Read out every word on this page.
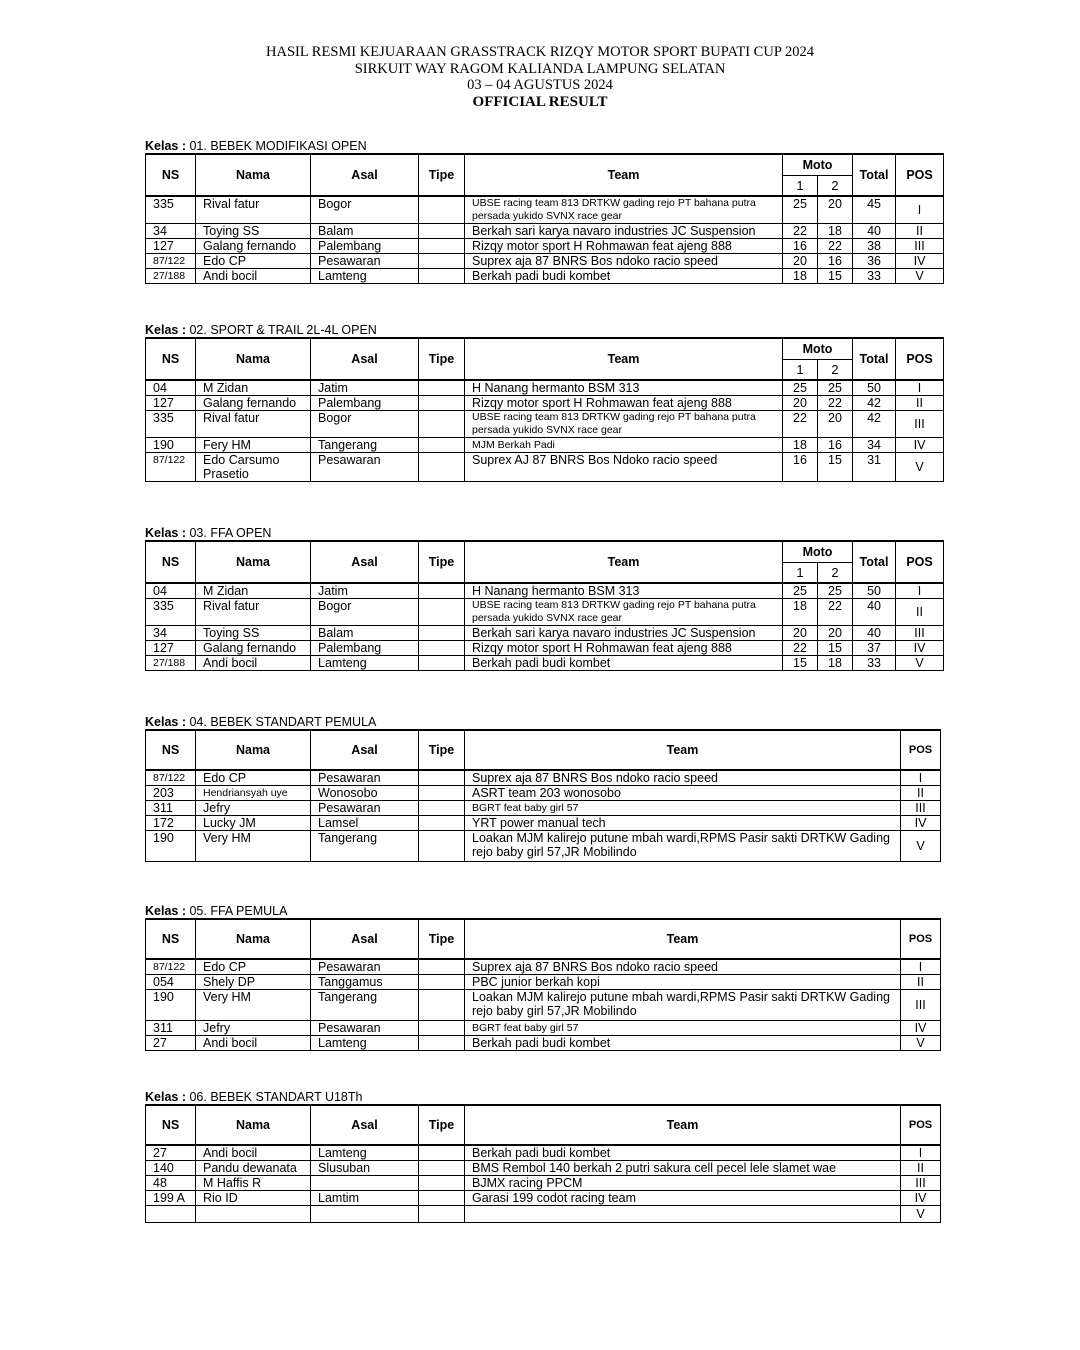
HASIL RESMI KEJUARAAN GRASSTRACK RIZQY MOTOR SPORT BUPATI CUP 2024
SIRKUIT WAY RAGOM KALIANDA LAMPUNG SELATAN
03 – 04 AGUSTUS 2024
OFFICIAL RESULT
Kelas : 01. BEBEK MODIFIKASI OPEN
NS	Nama	Asal	Tipe	Team	Moto		Total	POS
					1	2		
335	Rival fatur	Bogor		UBSE racing team 813 DRTKW gading rejo PT bahana putra persada yukido SVNX race gear	25	20	45	I
34	Toying SS	Balam		Berkah sari karya navaro industries JC Suspension	22	18	40	II
127	Galang fernando	Palembang		Rizqy motor sport H Rohmawan feat ajeng 888	16	22	38	III
87/122	Edo CP	Pesawaran		Suprex aja 87 BNRS Bos ndoko racio speed	20	16	36	IV
27/188	Andi bocil	Lamteng		Berkah padi budi kombet	18	15	33	V
Kelas : 02. SPORT & TRAIL 2L-4L OPEN
NS	Nama	Asal	Tipe	Team	Moto		Total	POS
					1	2		
04	M Zidan	Jatim		H Nanang hermanto BSM 313	25	25	50	I
127	Galang fernando	Palembang		Rizqy motor sport H Rohmawan feat ajeng 888	20	22	42	II
335	Rival fatur	Bogor		UBSE racing team 813 DRTKW gading rejo PT bahana putra persada yukido SVNX race gear	22	20	42	III
190	Fery HM	Tangerang		MJM Berkah Padi	18	16	34	IV
87/122	Edo Carsumo Prasetio	Pesawaran		Suprex AJ 87 BNRS Bos Ndoko racio speed	16	15	31	V
Kelas : 03. FFA OPEN
NS	Nama	Asal	Tipe	Team	Moto		Total	POS
					1	2		
04	M Zidan	Jatim		H Nanang hermanto BSM 313	25	25	50	I
335	Rival fatur	Bogor		UBSE racing team 813 DRTKW gading rejo PT bahana putra persada yukido SVNX race gear	18	22	40	II
34	Toying SS	Balam		Berkah sari karya navaro industries JC Suspension	20	20	40	III
127	Galang fernando	Palembang		Rizqy motor sport H Rohmawan feat ajeng 888	22	15	37	IV
27/188	Andi bocil	Lamteng		Berkah padi budi kombet	15	18	33	V
Kelas : 04. BEBEK STANDART PEMULA
NS	Nama	Asal	Tipe	Team	POS
87/122	Edo CP	Pesawaran		Suprex aja 87 BNRS Bos ndoko racio speed	I
203	Hendriansyah uye	Wonosobo		ASRT team 203 wonosobo	II
311	Jefry	Pesawaran		BGRT feat baby girl 57	III
172	Lucky JM	Lamsel		YRT power manual tech	IV
190	Very HM	Tangerang		Loakan MJM kalirejo putune mbah wardi,RPMS Pasir sakti DRTKW Gading rejo baby girl 57,JR Mobilindo	V
Kelas : 05. FFA PEMULA
NS	Nama	Asal	Tipe	Team	POS
87/122	Edo CP	Pesawaran		Suprex aja 87 BNRS Bos ndoko racio speed	I
054	Shely DP	Tanggamus		PBC junior berkah kopi	II
190	Very HM	Tangerang		Loakan MJM kalirejo putune mbah wardi,RPMS Pasir sakti DRTKW Gading rejo baby girl 57,JR Mobilindo	III
311	Jefry	Pesawaran		BGRT feat baby girl 57	IV
27	Andi bocil	Lamteng		Berkah padi budi kombet	V
Kelas : 06. BEBEK STANDART U18Th
NS	Nama	Asal	Tipe	Team	POS
27	Andi bocil	Lamteng		Berkah padi budi kombet	I
140	Pandu dewanata	Slusuban		BMS Rembol 140 berkah 2 putri sakura cell pecel lele slamet wae	II
48	M Haffis R			BJMX racing PPCM	III
199 A	Rio ID	Lamtim		Garasi 199 codot racing team	IV
					V
